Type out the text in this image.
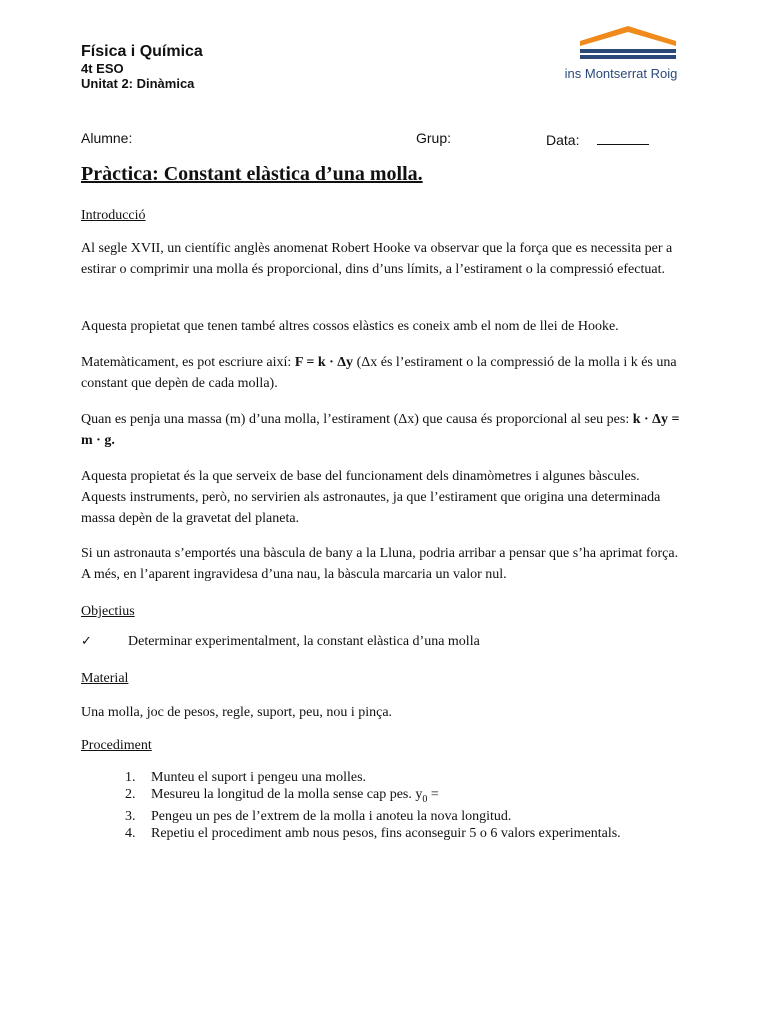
Física i Química
4t ESO
Unitat 2: Dinàmica
ins Montserrat Roig
Alumne:	Grup:	Data:
Pràctica: Constant elàstica d’una molla.
Introducció
Al segle XVII, un científic anglès anomenat Robert Hooke va observar que la força que es necessita per a estirar o comprimir una molla és proporcional, dins d’uns límits, a l’estirament o la compressió efectuat.
Aquesta propietat que tenen també altres cossos elàstics es coneix amb el nom de llei de Hooke.
Matemàticament, es pot escriure així: F = k · Δy (Δx és l’estirament o la compressió de la molla i k és una constant que depèn de cada molla).
Quan es penja una massa (m) d’una molla, l’estirament (Δx) que causa és proporcional al seu pes: k · Δy = m · g.
Aquesta propietat és la que serveix de base del funcionament dels dinamòmetres i algunes bàscules. Aquests instruments, però, no servirien als astronautes, ja que l’estirament que origina una determinada massa depèn de la gravetat del planeta.
Si un astronauta s’emportés una bàscula de bany a la Lluna, podria arribar a pensar que s’ha aprimat força. A més, en l’aparent ingravidesa d’una nau, la bàscula marcaria un valor nul.
Objectius
✓	Determinar experimentalment, la constant elàstica d’una molla
Material
Una molla, joc de pesos, regle, suport, peu, nou i pinça.
Procediment
1. Munteu el suport i pengeu una molles.
2. Mesureu la longitud de la molla sense cap pes. $y_0$ =
3. Pengeu un pes de l’extrem de la molla i anoteu la nova longitud.
4. Repetiu el procediment amb nous pesos, fins aconseguir 5 o 6 valors experimentals.
